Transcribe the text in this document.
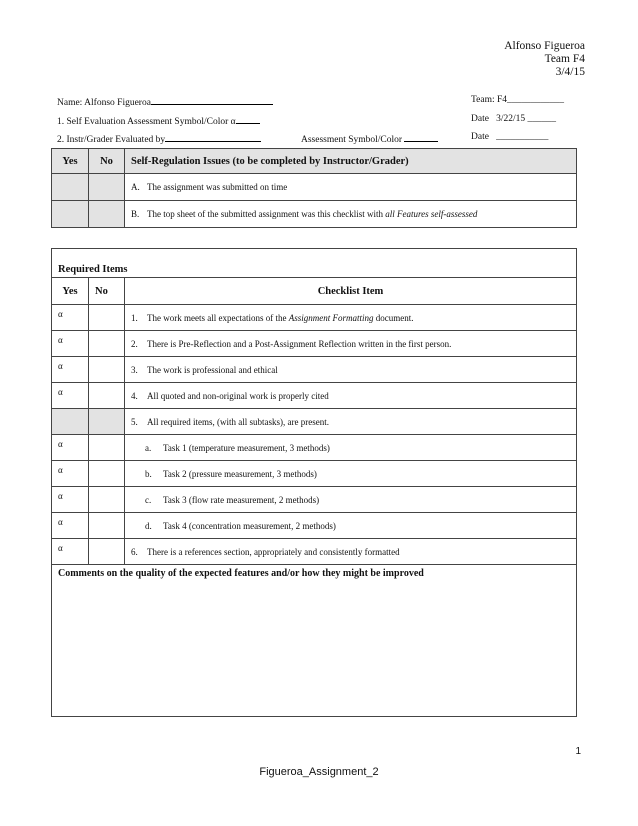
Alfonso Figueroa
Team F4
3/4/15
Name: Alfonso Figueroa	Team: F4____________
1. Self Evaluation Assessment Symbol/Color α	Date 3/22/15 ______
2. Instr/Grader Evaluated by	Assessment Symbol/Color	Date ___________
Yes	No	Self-Regulation Issues (to be completed by Instructor/Grader)
		A. The assignment was submitted on time
		B. The top sheet of the submitted assignment was this checklist with all Features self-assessed
Required Items		
Yes	No	Checklist Item
α		1. The work meets all expectations of the Assignment Formatting document.
α		2. There is Pre-Reflection and a Post-Assignment Reflection written in the first person.
α		3. The work is professional and ethical
α		4. All quoted and non-original work is properly cited
		5. All required items, (with all subtasks), are present.
α		a. Task 1 (temperature measurement, 3 methods)
α		b. Task 2 (pressure measurement, 3 methods)
α		c. Task 3 (flow rate measurement, 2 methods)
α		d. Task 4 (concentration measurement, 2 methods)
α		6. There is a references section, appropriately and consistently formatted
Comments on the quality of the expected features and/or how they might be improved		
1
Figueroa_Assignment_2
